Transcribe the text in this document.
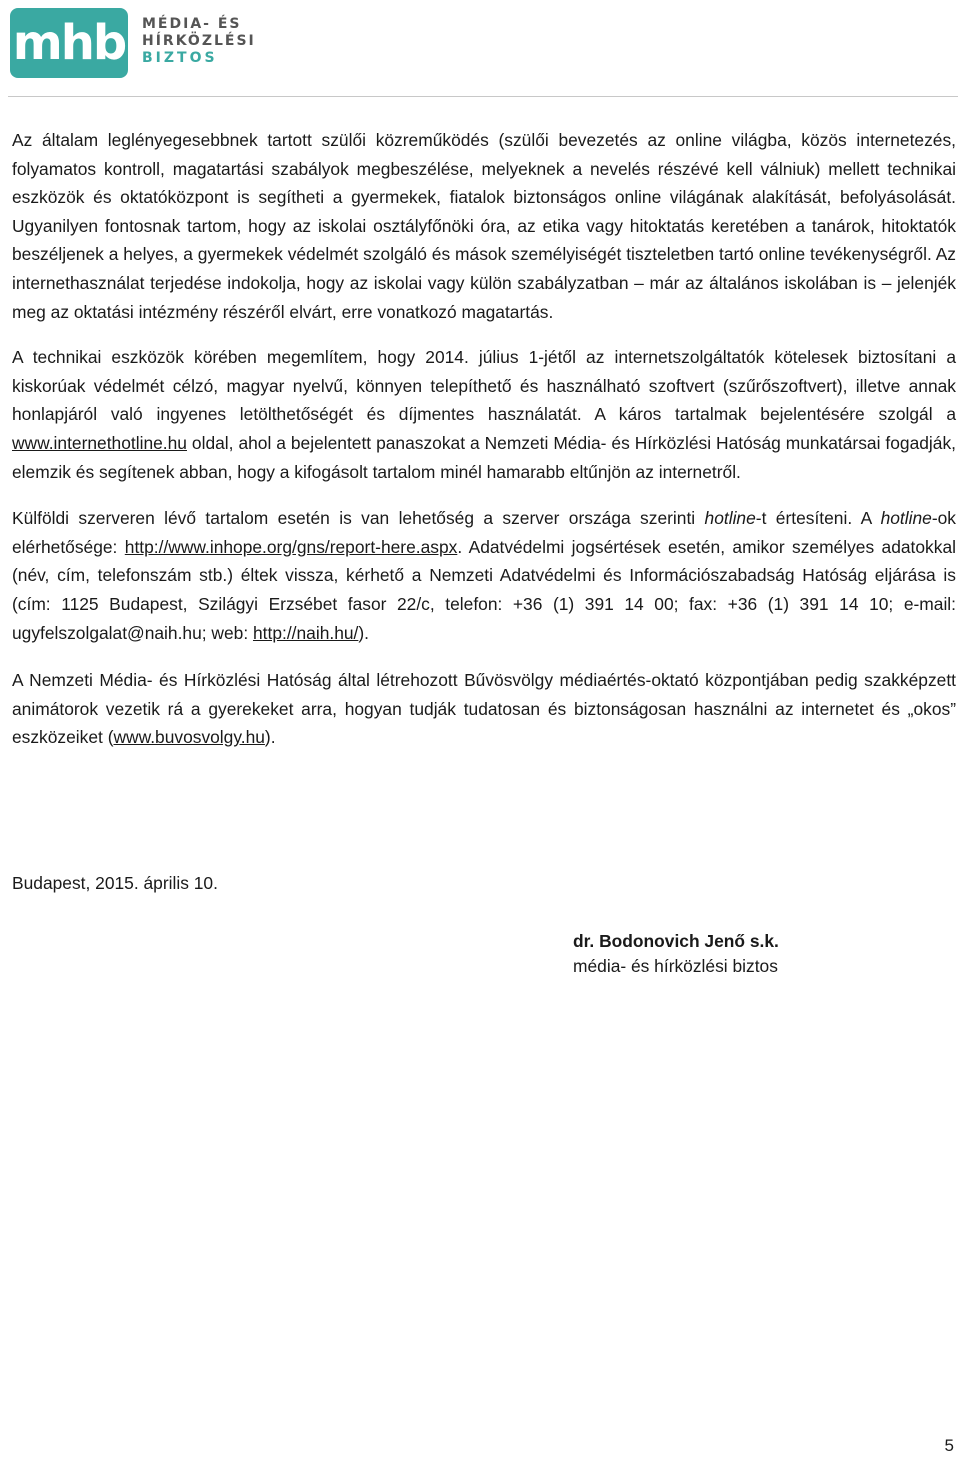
mhb MÉDIA- ÉS
HÍRKÖZLÉSI
BIZTOS

Az általam leglényegesebbnek tartott szülői közreműködés (szülői bevezetés az online világba, közös internetezés, folyamatos kontroll, magatartási szabályok megbeszélése, melyeknek a nevelés részévé kell válniuk) mellett technikai eszközök és oktatóközpont is segítheti a gyermekek, fiatalok biztonságos online világának alakítását, befolyásolását. Ugyanilyen fontosnak tartom, hogy az iskolai osztályfőnöki óra, az etika vagy hitoktatás keretében a tanárok, hitoktatók beszéljenek a helyes, a gyermekek védelmét szolgáló és mások személyiségét tiszteletben tartó online tevékenységről. Az internethasználat terjedése indokolja, hogy az iskolai vagy külön szabályzatban – már az általános iskolában is – jelenjék meg az oktatási intézmény részéről elvárt, erre vonatkozó magatartás.

A technikai eszközök körében megemlítem, hogy 2014. július 1-jétől az internetszolgáltatók kötelesek biztosítani a kiskorúak védelmét célzó, magyar nyelvű, könnyen telepíthető és használható szoftvert (szűrőszoftvert), illetve annak honlapjáról való ingyenes letölthetőségét és díjmentes használatát. A káros tartalmak bejelentésére szolgál a www.internethotline.hu oldal, ahol a bejelentett panaszokat a Nemzeti Média- és Hírközlési Hatóság munkatársai fogadják, elemzik és segítenek abban, hogy a kifogásolt tartalom minél hamarabb eltűnjön az internetről.

Külföldi szerveren lévő tartalom esetén is van lehetőség a szerver országa szerinti hotline-t értesíteni. A hotline-ok elérhetősége: http://www.inhope.org/gns/report-here.aspx. Adatvédelmi jogsértések esetén, amikor személyes adatokkal (név, cím, telefonszám stb.) éltek vissza, kérhető a Nemzeti Adatvédelmi és Információszabadság Hatóság eljárása is (cím: 1125 Budapest, Szilágyi Erzsébet fasor 22/c, telefon: +36 (1) 391 14 00; fax: +36 (1) 391 14 10; e-mail: ugyfelszolgalat@naih.hu; web: http://naih.hu/).

A Nemzeti Média- és Hírközlési Hatóság által létrehozott Bűvösvölgy médiaértés-oktató központjában pedig szakképzett animátorok vezetik rá a gyerekeket arra, hogyan tudják tudatosan és biztonságosan használni az internetet és „okos” eszközeiket (www.buvosvolgy.hu).

Budapest, 2015. április 10.
dr. Bodonovich Jenő s.k.
média- és hírközlési biztos
5
